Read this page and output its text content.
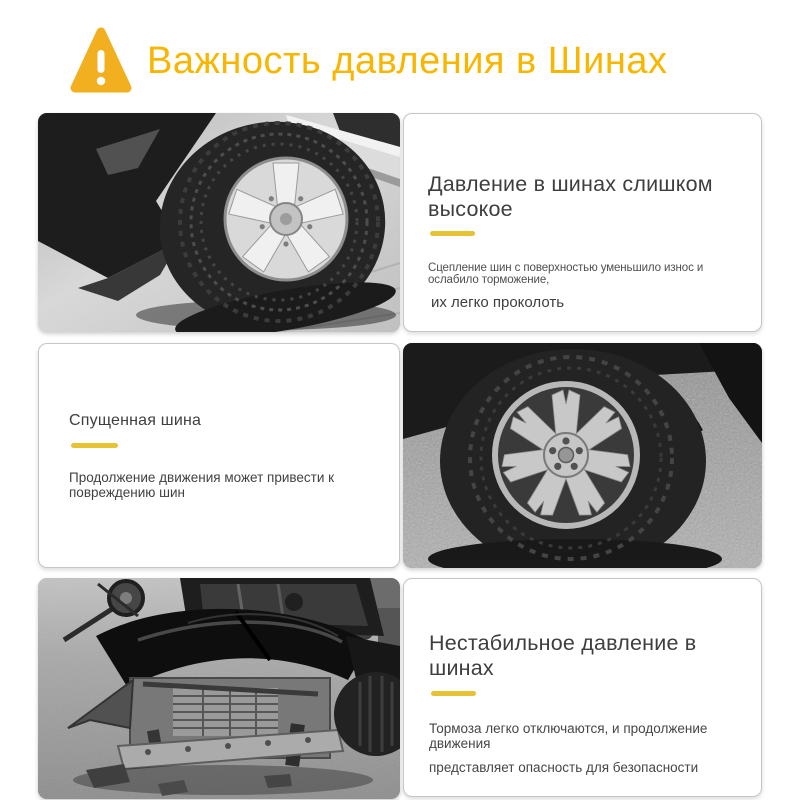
Важность давления в Шинах
Давление в шинах слишком высокое

Сцепление шин с поверхностью уменьшило износ и ослабило торможение,

их легко проколоть

Спущенная шина

Продолжение движения может привести к повреждению шин

Нестабильное давление в шинах

Тормоза легко отключаются, и продолжение движения

представляет опасность для безопасности
